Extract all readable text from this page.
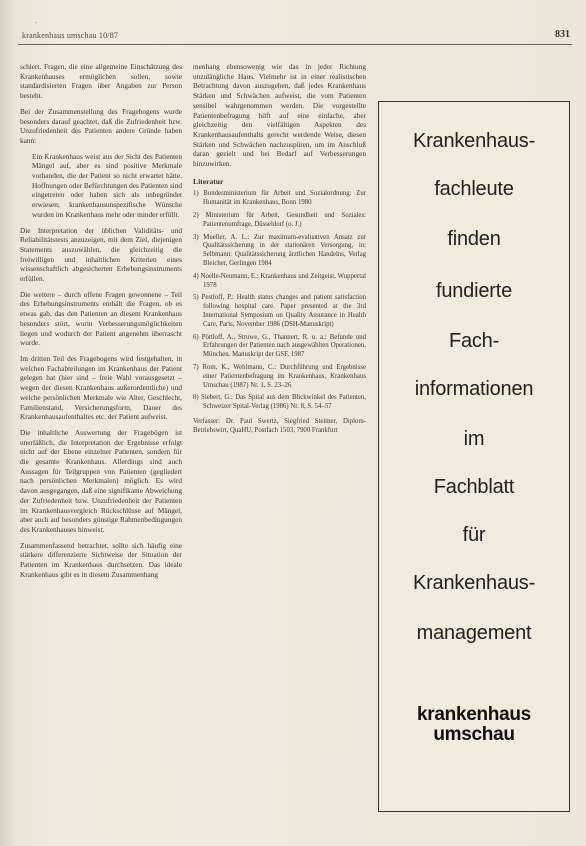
.
krankenhaus umschau 10/87	831

schiert. Fragen, die eine allgemeine Einschätzung des Krankenhauses ermöglichen sollen, sowie standardisierten Fragen über Angaben zur Person besteht.

Bei der Zusammenstellung des Fragebogens wurde besonders darauf geachtet, daß die Zufriedenheit bzw. Unzufriedenheit des Patienten andere Gründe haben kann:

Ein Krankenhaus weist aus der Sicht des Patienten Mängel auf, aber es sind positive Merkmale vorhanden, die der Patient so nicht erwartet hätte. Hoffnungen oder Befürchtungen des Patienten sind eingetreten oder haben sich als unbegründet erwiesen; krankenhausunspezifische Wünsche wurden im Krankenhaus mehr oder minder erfüllt.

Die Interpretation der üblichen Validitäts- und Reliabilitätstests anzuzeigen, mit dem Ziel, diejenigen Statements auszuwählen, die gleichzeitig die freiwilligen und inhaltlichen Kriterien eines wissenschaftlich abgesicherten Erhebungsinstruments erfüllen.

Die weitere – durch offene Fragen gewonnene – Teil des Erhebungsinstruments enthält die Fragen, ob es etwas gab, das den Patienten an diesem Krankenhaus besonders stört, worin Verbesserungsmöglichkeiten liegen und wodurch der Patient angenehm überrascht wurde.

Im dritten Teil des Fragebogens wird festgehalten, in welchen Fachabteilungen im Krankenhaus der Patient gelegen hat (hier sind – freie Wahl vorausgesetzt – wegen der diesen Krankenhaus außerordentliche) und welche persönlichen Merkmale wie Alter, Geschlecht, Familienstand, Versicherungsform, Dauer des Krankenhausaufenthaltes etc. der Patient aufweist.

Die inhaltliche Auswertung der Fragebögen ist unerläßlich, die Interpretation der Ergebnisse erfolgt nicht auf der Ebene einzelner Patienten, sondern für die gesamte Krankenhaus. Allerdings sind auch Aussagen für Teilgruppen von Patienten (gegliedert nach persönlichen Merkmalen) möglich. Es wird davon ausgegangen, daß eine signifikante Abweichung der Zufriedenheit bzw. Unzufriedenheit der Patienten im Krankenhausvergleich Rückschlüsse auf Mängel, aber auch auf besonders günstige Rahmenbedingungen des Krankenhauses hinweist.

Zusammenfassend betrachtet, sollte sich häufig eine stärkere differenzierte Sichtweise der Situation der Patienten im Krankenhaus durchsetzen. Das ideale Krankenhaus gibt es in diesem Zusammenhang

menhang ebensowenig wie das in jeder Richtung unzulängliche Haus. Vielmehr ist in einer realistischen Betrachtung davon auszugehen, daß jedes Krankenhaus Stärken und Schwächen aufweist, die vom Patienten sensibel wahrgenommen werden. Die vorgestellte Patientenbefragung hilft auf eine einfache, aber gleichzeitig den vielfältigen Aspekten des Krankenhausaufenthalts gerecht werdende Weise, diesen Stärken und Schwächen nachzuspüren, um im Anschluß daran gezielt und bei Bedarf auf Verbesserungen hinzuwirken.

Literatur
1) Bundesministerium für Arbeit und Sozialordnung: Zur Humanität im Krankenhaus, Bonn 1980
2) Ministerium für Arbeit, Gesundheit und Soziales: Patientenumfrage, Düsseldorf (o. J.)
3) Mueller, A. L.: Zur maximum-evaluativen Ansatz zur Qualitätssicherung in der stationären Versorgung, in: Selbmann: Qualitätssicherung ärztlichen Handelns, Verlag Bleicher, Gerlingen 1984
4) Noelle-Neumann, E.: Krankenhaus und Zeitgeist, Wuppertal 1978
5) Pestloff, P.: Health status changes and patient satisfaction following hospital care. Paper presented at the 3rd International Symposium on Quality Assurance in Health Care, Paris, November 1986 (DSH-Manuskript)
6) Pöttloff, A., Struwe, G., Thannert, R. u. a.: Befunde und Erfahrungen der Patienten nach ausgewählten Operationen, München. Manuskript der GSF, 1987
7) Rom, K., Wehlmann, C.: Durchführung und Ergebnisse einer Patientenbefragung im Krankenhaus, Krankenhaus Umschau (1987) Nr. 1, S. 23–26
8) Siebert, G.: Das Spital aus dem Blickwinkel des Patienten, Schweizer Spital-Verlag (1986) Nr. 8, S. 54–57
Verfasser: Dr. Paul Swertz, Siegfried Steimer, Diplom-Betriebswirt, QuaHU, Postfach 1503, 7900 Frankfurt
Krankenhaus-
fachleute
finden
fundierte
Fach-
informationen
im
Fachblatt
für
Krankenhaus-
management
krankenhaus
umschau
